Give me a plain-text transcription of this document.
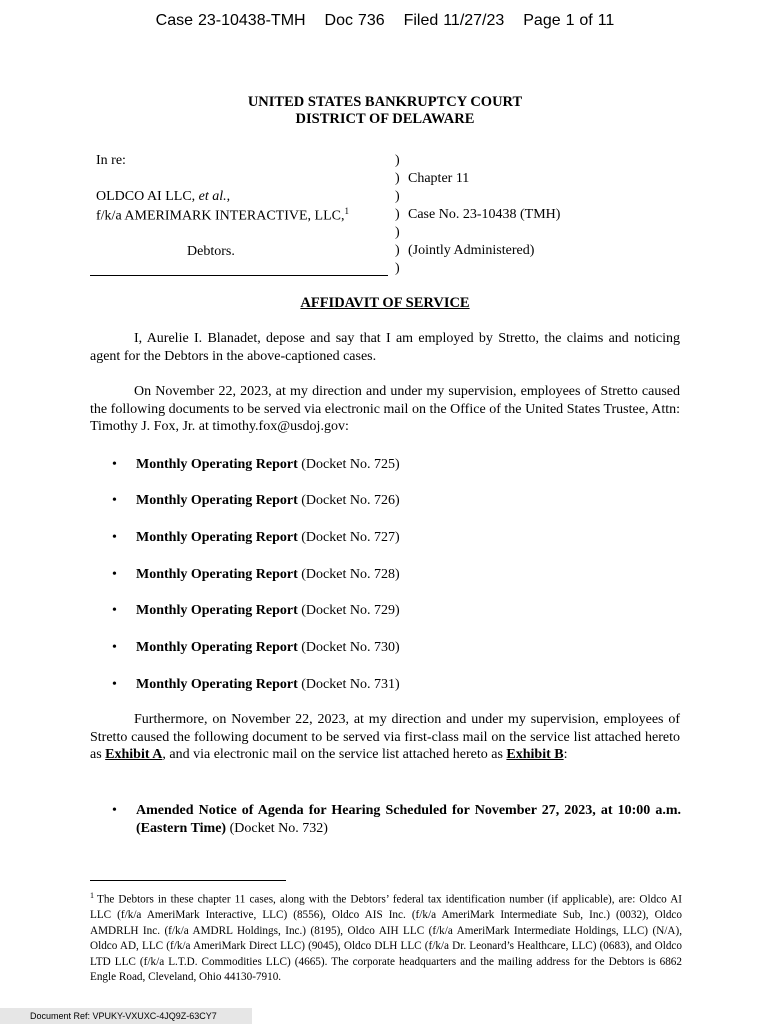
Case 23-10438-TMH Doc 736 Filed 11/27/23 Page 1 of 11
UNITED STATES BANKRUPTCY COURT
DISTRICT OF DELAWARE
In re:
OLDCO AI LLC, et al.,
f/k/a AMERIMARK INTERACTIVE, LLC,$^1$
Debtors.
)
)
)
)
)
)
)
Chapter 11
Case No. 23-10438 (TMH)
(Jointly Administered)
AFFIDAVIT OF SERVICE
I, Aurelie I. Blanadet, depose and say that I am employed by Stretto, the claims and noticing agent for the Debtors in the above-captioned cases.
On November 22, 2023, at my direction and under my supervision, employees of Stretto caused the following documents to be served via electronic mail on the Office of the United States Trustee, Attn: Timothy J. Fox, Jr. at timothy.fox@usdoj.gov:
• Monthly Operating Report (Docket No. 725)
• Monthly Operating Report (Docket No. 726)
• Monthly Operating Report (Docket No. 727)
• Monthly Operating Report (Docket No. 728)
• Monthly Operating Report (Docket No. 729)
• Monthly Operating Report (Docket No. 730)
• Monthly Operating Report (Docket No. 731)
Furthermore, on November 22, 2023, at my direction and under my supervision, employees of Stretto caused the following document to be served via first-class mail on the service list attached hereto as Exhibit A, and via electronic mail on the service list attached hereto as Exhibit B:
• Amended Notice of Agenda for Hearing Scheduled for November 27, 2023, at 10:00 a.m. (Eastern Time) (Docket No. 732)
$^1$ The Debtors in these chapter 11 cases, along with the Debtors’ federal tax identification number (if applicable), are: Oldco AI LLC (f/k/a AmeriMark Interactive, LLC) (8556), Oldco AIS Inc. (f/k/a AmeriMark Intermediate Sub, Inc.) (0032), Oldco AMDRLH Inc. (f/k/a AMDRL Holdings, Inc.) (8195), Oldco AIH LLC (f/k/a AmeriMark Intermediate Holdings, LLC) (N/A), Oldco AD, LLC (f/k/a AmeriMark Direct LLC) (9045), Oldco DLH LLC (f/k/a Dr. Leonard’s Healthcare, LLC) (0683), and Oldco LTD LLC (f/k/a L.T.D. Commodities LLC) (4665). The corporate headquarters and the mailing address for the Debtors is 6862 Engle Road, Cleveland, Ohio 44130-7910.
Document Ref: VPUKY-VXUXC-4JQ9Z-63CY7
